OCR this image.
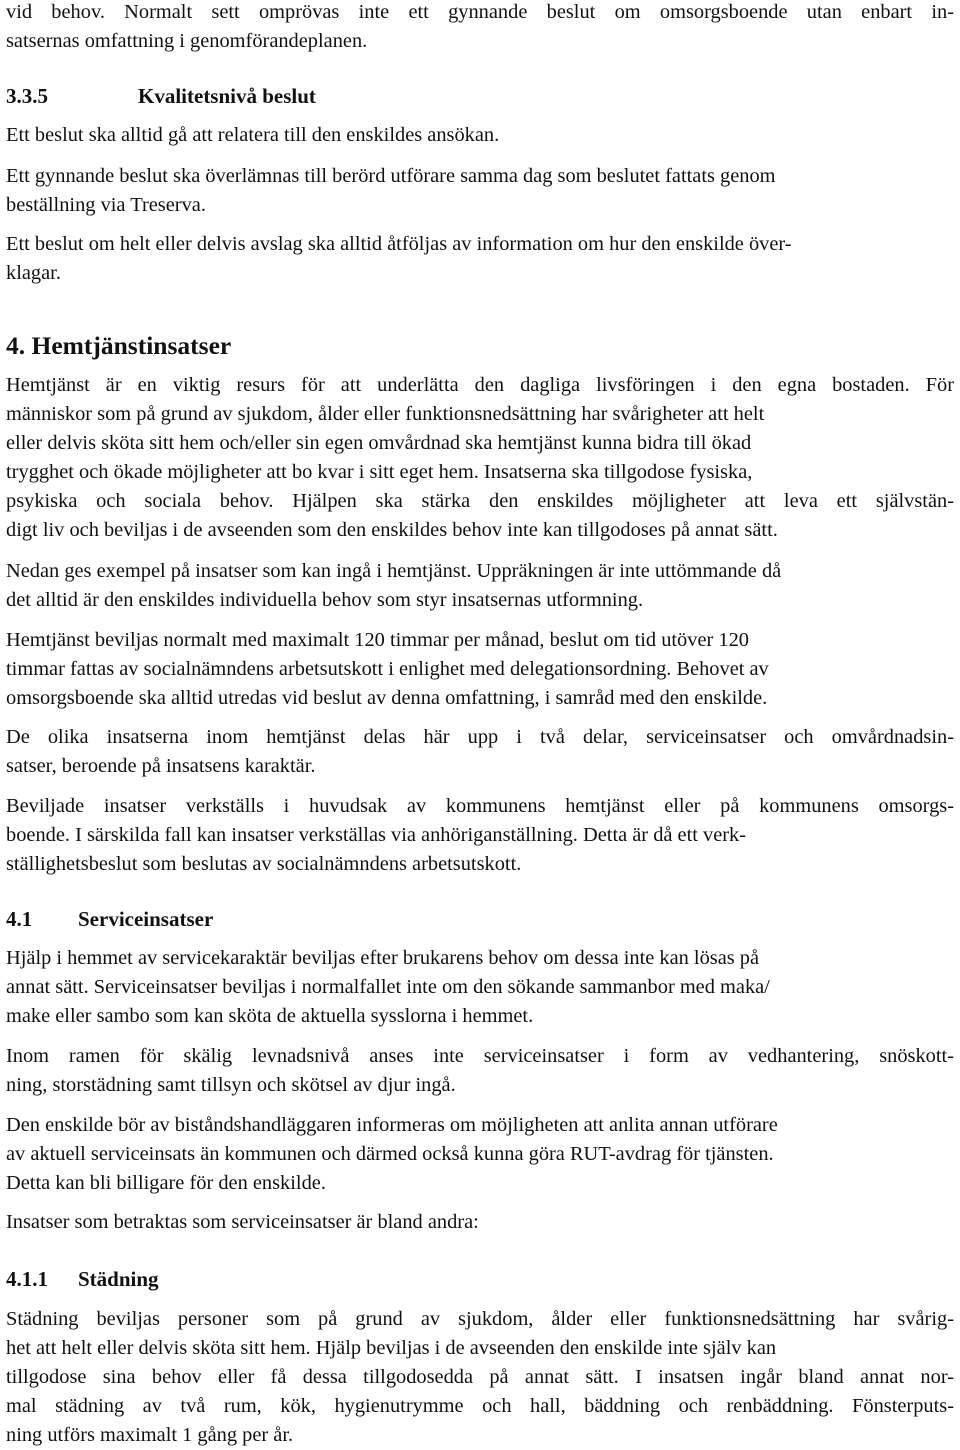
vid behov. Normalt sett omprövas inte ett gynnande beslut om omsorgsboende utan enbart in-
satsernas omfattning i genomförandeplanen.

3.3.5	Kvalitetsnivå beslut

Ett beslut ska alltid gå att relatera till den enskildes ansökan.

Ett gynnande beslut ska överlämnas till berörd utförare samma dag som beslutet fattats genom
beställning via Treserva.

Ett beslut om helt eller delvis avslag ska alltid åtföljas av information om hur den enskilde över-
klagar.

4. Hemtjänstinsatser

Hemtjänst är en viktig resurs för att underlätta den dagliga livsföringen i den egna bostaden. För
människor som på grund av sjukdom, ålder eller funktionsnedsättning har svårigheter att helt
eller delvis sköta sitt hem och/eller sin egen omvårdnad ska hemtjänst kunna bidra till ökad
trygghet och ökade möjligheter att bo kvar i sitt eget hem. Insatserna ska tillgodose fysiska,
psykiska och sociala behov. Hjälpen ska stärka den enskildes möjligheter att leva ett självstän-
digt liv och beviljas i de avseenden som den enskildes behov inte kan tillgodoses på annat sätt.

Nedan ges exempel på insatser som kan ingå i hemtjänst. Uppräkningen är inte uttömmande då
det alltid är den enskildes individuella behov som styr insatsernas utformning.

Hemtjänst beviljas normalt med maximalt 120 timmar per månad, beslut om tid utöver 120
timmar fattas av socialnämndens arbetsutskott i enlighet med delegationsordning. Behovet av
omsorgsboende ska alltid utredas vid beslut av denna omfattning, i samråd med den enskilde.

De olika insatserna inom hemtjänst delas här upp i två delar, serviceinsatser och omvårdnadsin-
satser, beroende på insatsens karaktär.

Beviljade insatser verkställs i huvudsak av kommunens hemtjänst eller på kommunens omsorgs-
boende. I särskilda fall kan insatser verkställas via anhöriganställning. Detta är då ett verk-
ställighetsbeslut som beslutas av socialnämndens arbetsutskott.

4.1 Serviceinsatser

Hjälp i hemmet av servicekaraktär beviljas efter brukarens behov om dessa inte kan lösas på
annat sätt. Serviceinsatser beviljas i normalfallet inte om den sökande sammanbor med maka/
make eller sambo som kan sköta de aktuella sysslorna i hemmet.

Inom ramen för skälig levnadsnivå anses inte serviceinsatser i form av vedhantering, snöskott-
ning, storstädning samt tillsyn och skötsel av djur ingå.

Den enskilde bör av biståndshandläggaren informeras om möjligheten att anlita annan utförare
av aktuell serviceinsats än kommunen och därmed också kunna göra RUT-avdrag för tjänsten.
Detta kan bli billigare för den enskilde.

Insatser som betraktas som serviceinsatser är bland andra:

4.1.1 Städning

Städning beviljas personer som på grund av sjukdom, ålder eller funktionsnedsättning har svårig-
het att helt eller delvis sköta sitt hem. Hjälp beviljas i de avseenden den enskilde inte själv kan
tillgodose sina behov eller få dessa tillgodosedda på annat sätt. I insatsen ingår bland annat nor-
mal städning av två rum, kök, hygienutrymme och hall, bäddning och renbäddning. Fönsterputs-
ning utförs maximalt 1 gång per år.
